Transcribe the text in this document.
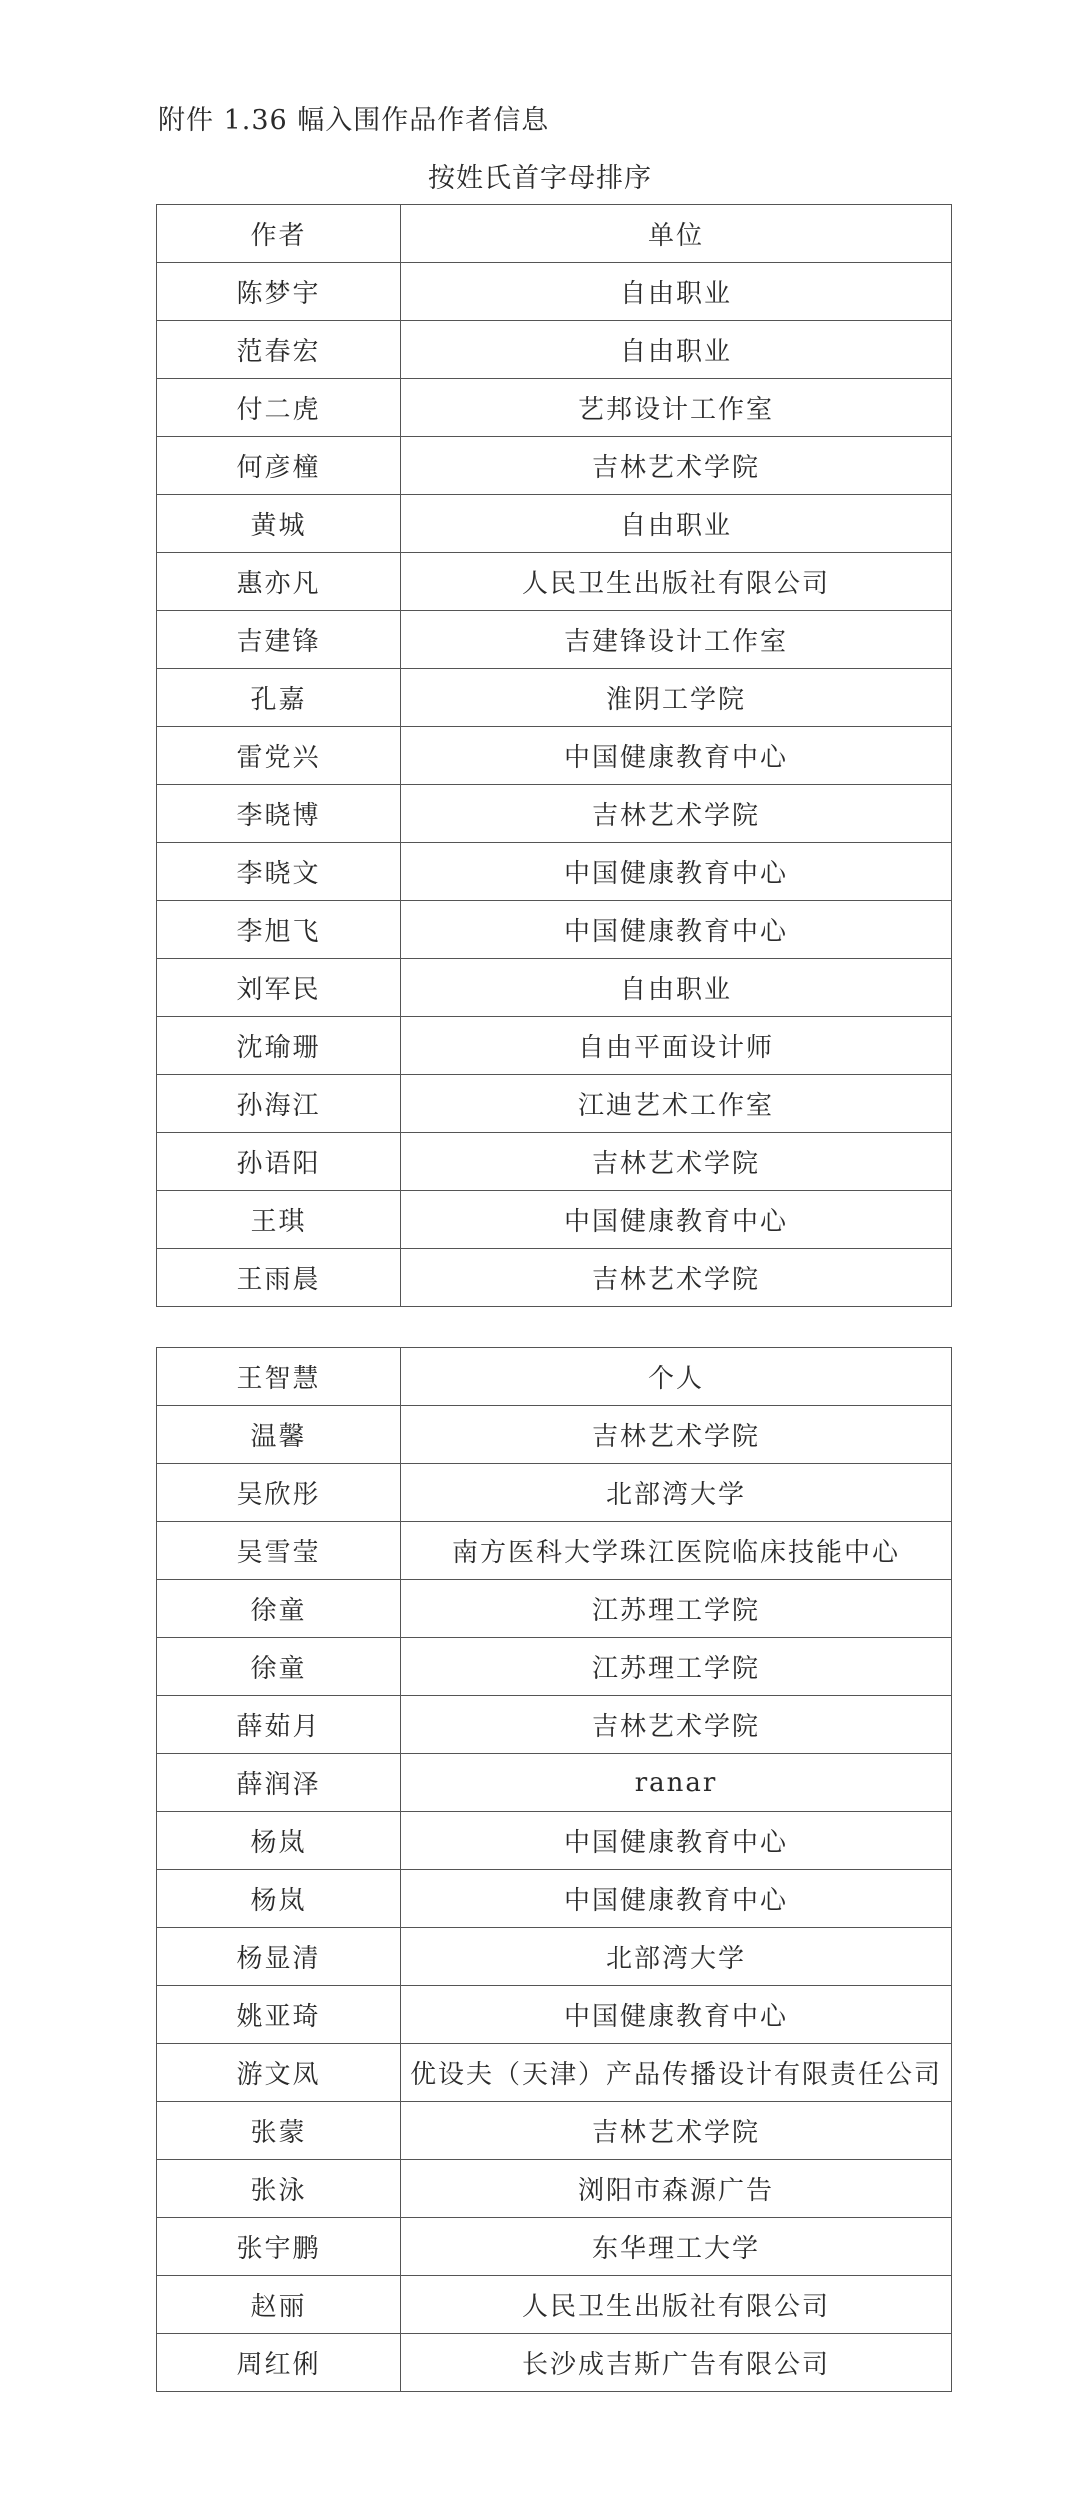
附件 1.36 幅入围作品作者信息
按姓氏首字母排序
作者	单位
陈梦宇	自由职业
范春宏	自由职业
付二虎	艺邦设计工作室
何彦橦	吉林艺术学院
黄城	自由职业
惠亦凡	人民卫生出版社有限公司
吉建锋	吉建锋设计工作室
孔嘉	淮阴工学院
雷党兴	中国健康教育中心
李晓博	吉林艺术学院
李晓文	中国健康教育中心
李旭飞	中国健康教育中心
刘军民	自由职业
沈瑜珊	自由平面设计师
孙海江	江迪艺术工作室
孙语阳	吉林艺术学院
王琪	中国健康教育中心
王雨晨	吉林艺术学院
王智慧	个人
温馨	吉林艺术学院
吴欣彤	北部湾大学
吴雪莹	南方医科大学珠江医院临床技能中心
徐童	江苏理工学院
徐童	江苏理工学院
薛茹月	吉林艺术学院
薛润泽	ranar
杨岚	中国健康教育中心
杨岚	中国健康教育中心
杨显清	北部湾大学
姚亚琦	中国健康教育中心
游文凤	优设夫（天津）产品传播设计有限责任公司
张蒙	吉林艺术学院
张泳	浏阳市森源广告
张宇鹏	东华理工大学
赵丽	人民卫生出版社有限公司
周红俐	长沙成吉斯广告有限公司
